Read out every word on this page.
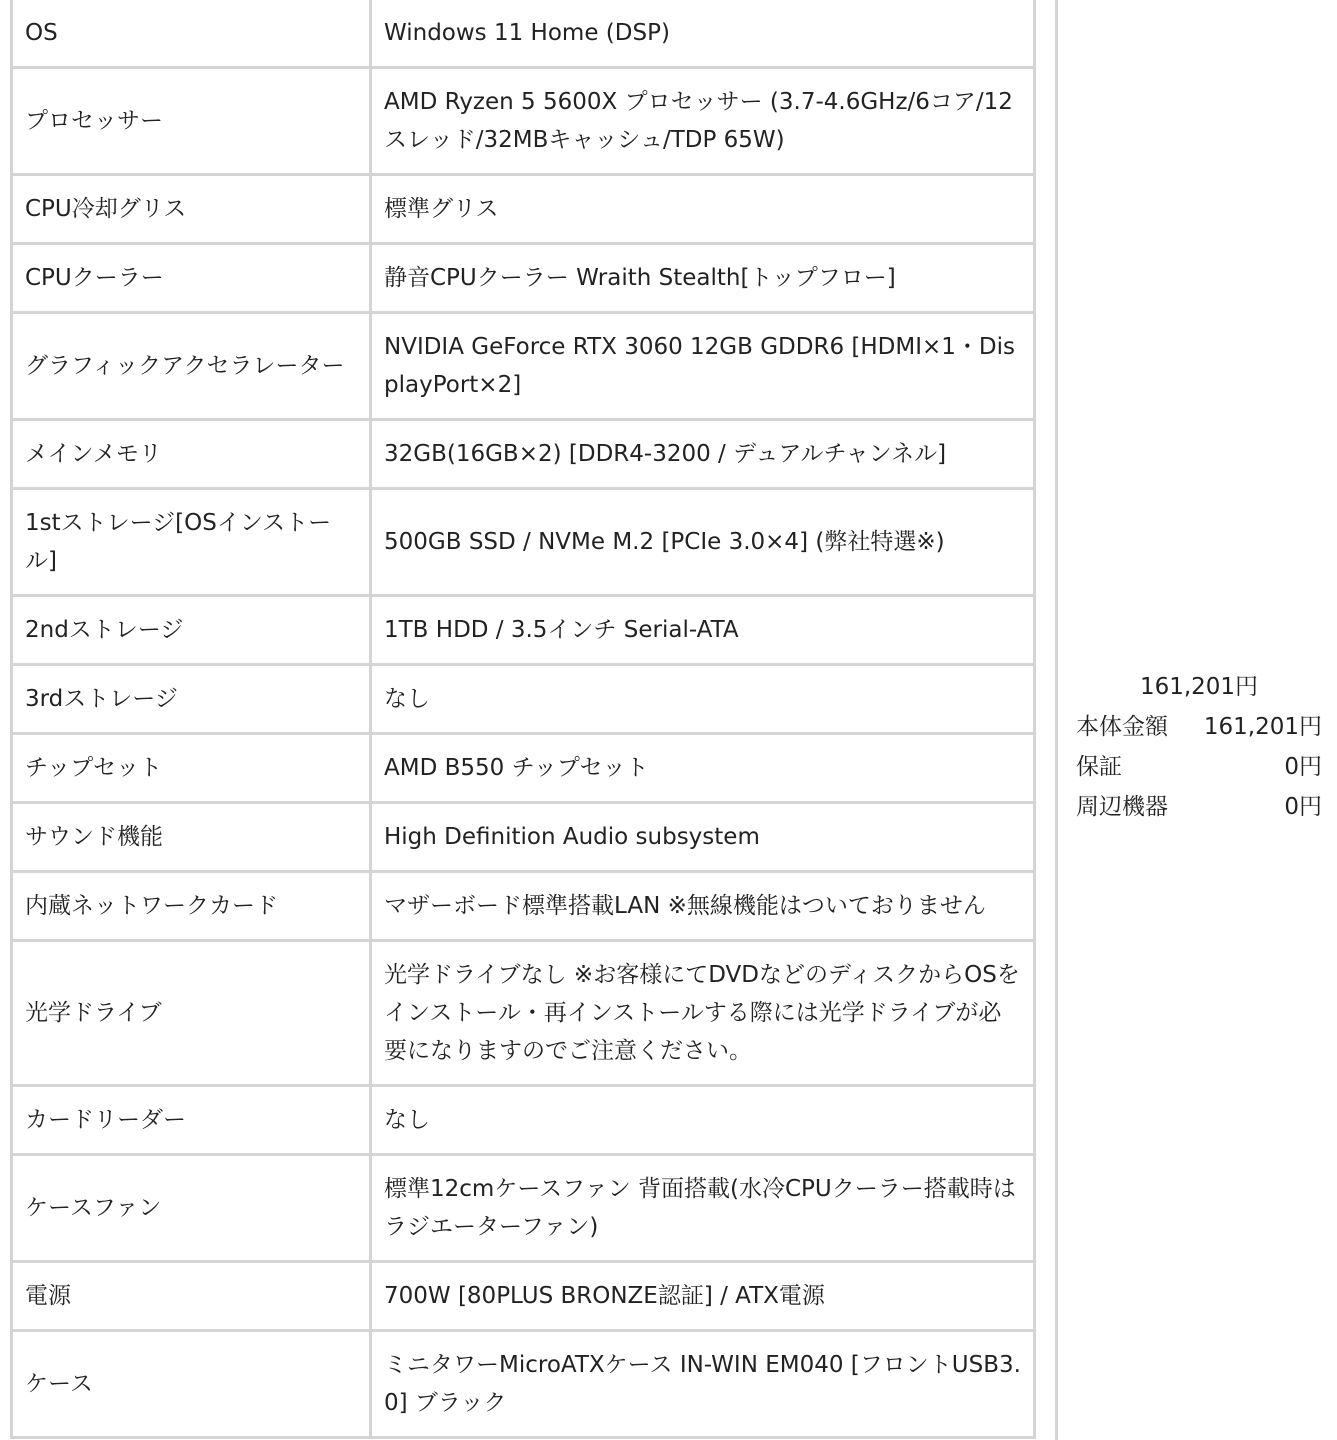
OS	Windows 11 Home (DSP)
プロセッサー	AMD Ryzen 5 5600X プロセッサー (3.7-4.6GHz/6コア/12スレッド/32MBキャッシュ/TDP 65W)
CPU冷却グリス	標準グリス
CPUクーラー	静音CPUクーラー Wraith Stealth[トップフロー]
グラフィックアクセラレーター	NVIDIA GeForce RTX 3060 12GB GDDR6 [HDMI×1・DisplayPort×2]
メインメモリ	32GB(16GB×2) [DDR4-3200 / デュアルチャンネル]
1stストレージ[OSインストール]	500GB SSD / NVMe M.2 [PCIe 3.0×4] (弊社特選※)
2ndストレージ	1TB HDD / 3.5インチ Serial-ATA
3rdストレージ	なし
チップセット	AMD B550 チップセット
サウンド機能	High Definition Audio subsystem
内蔵ネットワークカード	マザーボード標準搭載LAN ※無線機能はついておりません
光学ドライブ	光学ドライブなし ※お客様にてDVDなどのディスクからOSをインストール・再インストールする際には光学ドライブが必要になりますのでご注意ください。
カードリーダー	なし
ケースファン	標準12cmケースファン 背面搭載(水冷CPUクーラー搭載時はラジエーターファン)
電源	700W [80PLUS BRONZE認証] / ATX電源
ケース	ミニタワーMicroATXケース IN-WIN EM040 [フロントUSB3.0] ブラック
161,201円
本体金額 161,201円
保証	0円
周辺機器	0円
